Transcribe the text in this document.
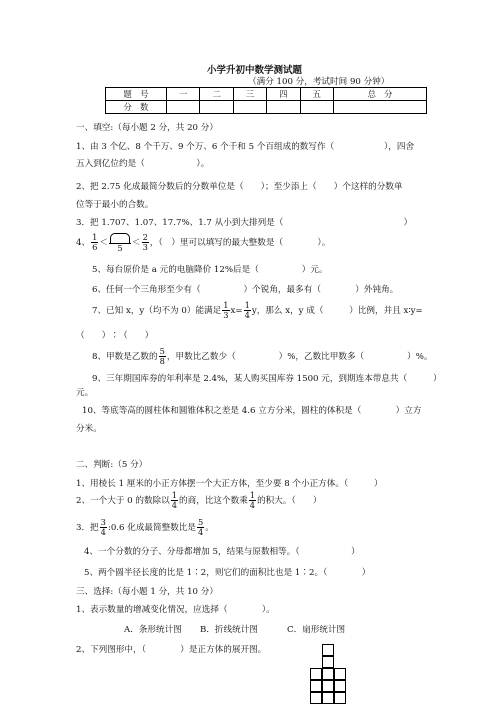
小学升初中数学测试题
（满分 100 分，考试时间 90 分钟）
题　号	一	二	三	四	五	总　分
分　数						
一、填空:（每小题 2 分，共 20 分）
1、由 3 个亿、8 个千万、9 个万、6 个千和 5 个百组成的数写作（	），四舍
五入到亿位约是（　　　　　　）。
2、把 2.75 化成最简分数后的分数单位是（　　）；至少添上（　　）个这样的分数单
位等于最小的合数。
3．把 1.707、1.07、17.7%、1.7 从小到大排列是（　　　　　　　　　　　　　　）
4、 $\frac{1}{6}$ ＜	5	＜ $\frac{2}{3}$ ，（　）里可以填写的最大整数是（　　　　）。
5、每台原价是 a 元的电脑降价 12%后是（　　　　　）元。
6、任何一个三角形至少有（　　　　　）个锐角，最多有（　　　　）外钝角。
7、已知 x，y（均不为 0）能满足 $\frac{1}{3} x= \frac{1}{4}$ y，那么 x，y 成（　　　）比例，并且 x∶y=
（　　）∶（　　）
8、甲数是乙数的 $\frac{5}{8}$ ，甲数比乙数少（　　　　　）%，乙数比甲数多（　　　　　）%。
9、三年期国库券的年利率是 2.4%，某人购买国库券 1500 元，到期连本带息共（　　　）
元。
10、等底等高的圆柱体和圆锥体积之差是 4.6 立方分米，圆柱的体积是（　　　　）立方
分米。
二、判断:（5 分）
1、用棱长 1 厘米的小正方体摆一个大正方体，至少要 8 个小正方体。（　　　）
2、一个大于 0 的数除以 $\frac{1}{4}$ 的商，比这个数乘 $\frac{1}{4}$ 的积大。（　　）
3．把 $\frac{3}{4}$ :0.6 化成最简整数比是 $\frac{5}{4}$ 。
4、一个分数的分子、分母都增加 5，结果与原数相等。（　　　　　　）
5、两个圆半径长度的比是 1∶2，则它们的面积比也是 1∶2。（　　　　）
三、选择:（每小题 1 分，共 10 分）
1、表示数量的增减变化情况，应选择（　　　　）。
A．条形统计图 B．折线统计图	C．扇形统计图
2、下列图形中，（　　　　）是正方体的展开图。
